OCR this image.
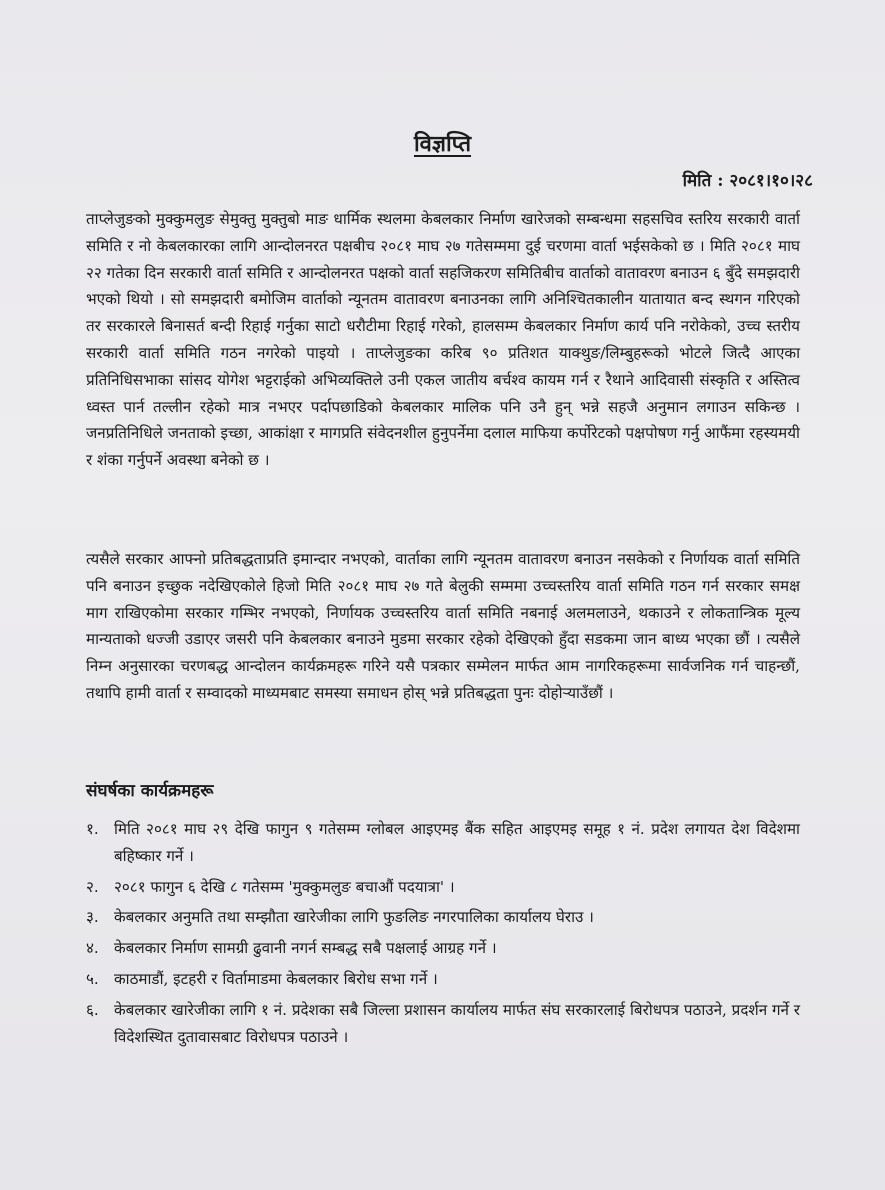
विज्ञप्ति
मिति : २०८१।१०।२८

ताप्लेजुङको मुक्कुमलुङ सेमुक्तु मुक्तुबो माङ धार्मिक स्थलमा केबलकार निर्माण खारेजको सम्बन्धमा सहसचिव स्तरिय सरकारी वार्ता समिति र नो केबलकारका लागि आन्दोलनरत पक्षबीच २०८१ माघ २७ गतेसम्ममा दुई चरणमा वार्ता भईसकेको छ । मिति २०८१ माघ २२ गतेका दिन सरकारी वार्ता समिति र आन्दोलनरत पक्षको वार्ता सहजिकरण समितिबीच वार्ताको वातावरण बनाउन ६ बुँदे समझदारी भएको थियो । सो समझदारी बमोजिम वार्ताको न्यूनतम वातावरण बनाउनका लागि अनिश्चितकालीन यातायात बन्द स्थगन गरिएको तर सरकारले बिनासर्त बन्दी रिहाई गर्नुका साटो धरौटीमा रिहाई गरेको, हालसम्म केबलकार निर्माण कार्य पनि नरोकेको, उच्च स्तरीय सरकारी वार्ता समिति गठन नगरेको पाइयो । ताप्लेजुङका करिब ९० प्रतिशत याक्थुङ/लिम्बुहरूको भोटले जित्दै आएका प्रतिनिधिसभाका सांसद योगेश भट्टराईको अभिव्यक्तिले उनी एकल जातीय बर्चश्व कायम गर्न र रैथाने आदिवासी संस्कृति र अस्तित्व ध्वस्त पार्न तल्लीन रहेको मात्र नभएर पर्दापछाडिको केबलकार मालिक पनि उनै हुन् भन्ने सहजै अनुमान लगाउन सकिन्छ । जनप्रतिनिधिले जनताको इच्छा, आकांक्षा र मागप्रति संवेदनशील हुनुपर्नेमा दलाल माफिया कर्पोरेटको पक्षपोषण गर्नु आफैंमा रहस्यमयी र शंका गर्नुपर्ने अवस्था बनेको छ ।

त्यसैले सरकार आफ्नो प्रतिबद्धताप्रति इमान्दार नभएको, वार्ताका लागि न्यूनतम वातावरण बनाउन नसकेको र निर्णायक वार्ता समिति पनि बनाउन इच्छुक नदेखिएकोले हिजो मिति २०८१ माघ २७ गते बेलुकी सम्ममा उच्चस्तरिय वार्ता समिति गठन गर्न सरकार समक्ष माग राखिएकोमा सरकार गम्भिर नभएको, निर्णायक उच्चस्तरिय वार्ता समिति नबनाई अलमलाउने, थकाउने र लोकतान्त्रिक मूल्य मान्यताको धज्जी उडाएर जसरी पनि केबलकार बनाउने मुडमा सरकार रहेको देखिएको हुँदा सडकमा जान बाध्य भएका छौं । त्यसैले निम्न अनुसारका चरणबद्ध आन्दोलन कार्यक्रमहरू गरिने यसै पत्रकार सम्मेलन मार्फत आम नागरिकहरूमा सार्वजनिक गर्न चाहन्छौं, तथापि हामी वार्ता र सम्वादको माध्यमबाट समस्या समाधन होस् भन्ने प्रतिबद्धता पुनः दोहोऱ्याउँछौं ।

संघर्षका कार्यक्रमहरू
१. मिति २०८१ माघ २९ देखि फागुन ९ गतेसम्म ग्लोबल आइएमइ बैंक सहित आइएमइ समूह १ नं. प्रदेश लगायत देश विदेशमा बहिष्कार गर्ने ।
२. २०८१ फागुन ६ देखि ८ गतेसम्म 'मुक्कुमलुङ बचाऔं पदयात्रा' ।
३. केबलकार अनुमति तथा सम्झौता खारेजीका लागि फुङलिङ नगरपालिका कार्यालय घेराउ ।
४. केबलकार निर्माण सामग्री ढुवानी नगर्न सम्बद्ध सबै पक्षलाई आग्रह गर्ने ।
५. काठमाडौं, इटहरी र विर्तामाडमा केबलकार बिरोध सभा गर्ने ।
६. केबलकार खारेजीका लागि १ नं. प्रदेशका सबै जिल्ला प्रशासन कार्यालय मार्फत संघ सरकारलाई बिरोधपत्र पठाउने, प्रदर्शन गर्ने र विदेशस्थित दुतावासबाट विरोधपत्र पठाउने ।
